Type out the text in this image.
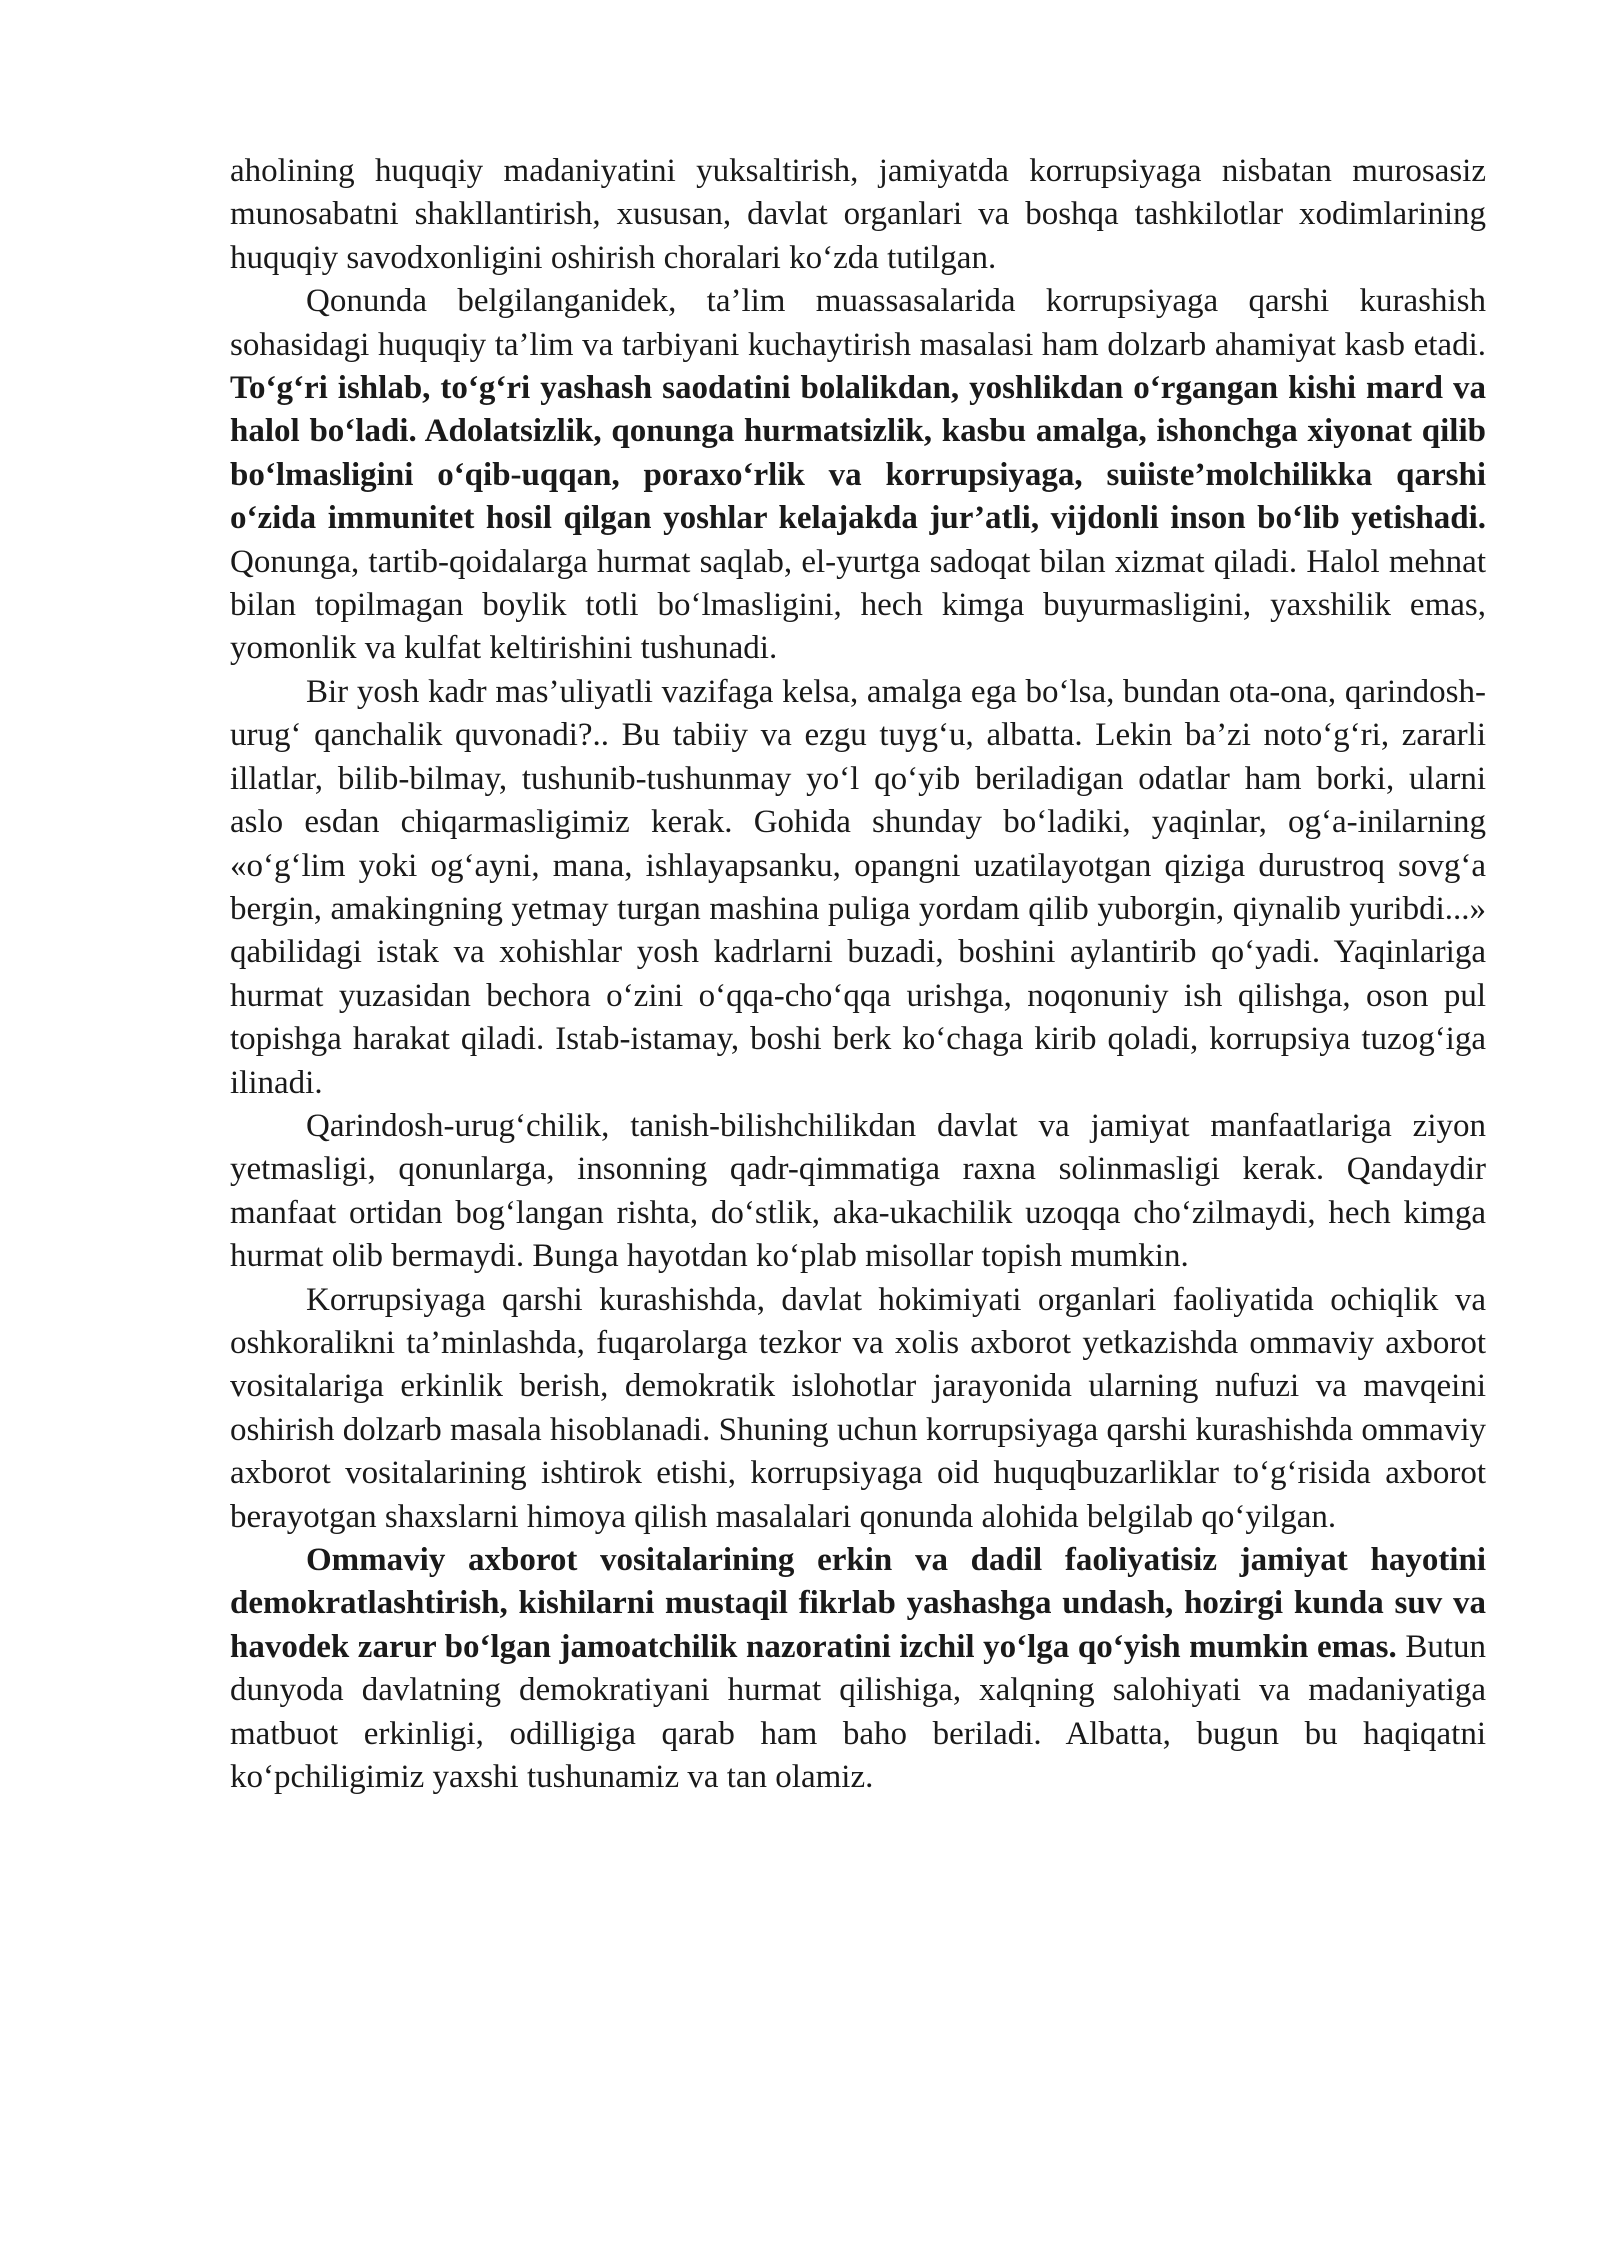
aholining huquqiy madaniyatini yuksaltirish, jamiyatda korrupsiyaga nisbatan murosasiz munosabatni shakllantirish, xususan, davlat organlari va boshqa tashkilotlar xodimlarining huquqiy savodxonligini oshirish choralari ko‘zda tutilgan.

Qonunda belgilanganidek, ta’lim muassasalarida korrupsiyaga qarshi kurashish sohasidagi huquqiy ta’lim va tarbiyani kuchaytirish masalasi ham dolzarb ahamiyat kasb etadi. To‘g‘ri ishlab, to‘g‘ri yashash saodatini bolalikdan, yoshlikdan o‘rgangan kishi mard va halol bo‘ladi. Adolatsizlik, qonunga hurmatsizlik, kasbu amalga, ishonchga xiyonat qilib bo‘lmasligini o‘qib-uqqan, poraxo‘rlik va korrupsiyaga, suiiste’molchilikka qarshi o‘zida immunitet hosil qilgan yoshlar kelajakda jur’atli, vijdonli inson bo‘lib yetishadi. Qonunga, tartib-qoidalarga hurmat saqlab, el-yurtga sadoqat bilan xizmat qiladi. Halol mehnat bilan topilmagan boylik totli bo‘lmasligini, hech kimga buyurmasligini, yaxshilik emas, yomonlik va kulfat keltirishini tushunadi.

Bir yosh kadr mas’uliyatli vazifaga kelsa, amalga ega bo‘lsa, bundan ota-ona, qarindosh-urug‘ qanchalik quvonadi?.. Bu tabiiy va ezgu tuyg‘u, albatta. Lekin ba’zi noto‘g‘ri, zararli illatlar, bilib-bilmay, tushunib-tushunmay yo‘l qo‘yib beriladigan odatlar ham borki, ularni aslo esdan chiqarmasligimiz kerak. Gohida shunday bo‘ladiki, yaqinlar, og‘a-inilarning «o‘g‘lim yoki og‘ayni, mana, ishlayapsanku, opangni uzatilayotgan qiziga durustroq sovg‘a bergin, amakingning yetmay turgan mashina puliga yordam qilib yuborgin, qiynalib yuribdi...» qabilidagi istak va xohishlar yosh kadrlarni buzadi, boshini aylantirib qo‘yadi. Yaqinlariga hurmat yuzasidan bechora o‘zini o‘qqa-cho‘qqa urishga, noqonuniy ish qilishga, oson pul topishga harakat qiladi. Istab-istamay, boshi berk ko‘chaga kirib qoladi, korrupsiya tuzog‘iga ilinadi.

Qarindosh-urug‘chilik, tanish-bilishchilikdan davlat va jamiyat manfaatlariga ziyon yetmasligi, qonunlarga, insonning qadr-qimmatiga raxna solinmasligi kerak. Qandaydir manfaat ortidan bog‘langan rishta, do‘stlik, aka-ukachilik uzoqqa cho‘zilmaydi, hech kimga hurmat olib bermaydi. Bunga hayotdan ko‘plab misollar topish mumkin.

Korrupsiyaga qarshi kurashishda, davlat hokimiyati organlari faoliyatida ochiqlik va oshkoralikni ta’minlashda, fuqarolarga tezkor va xolis axborot yetkazishda ommaviy axborot vositalariga erkinlik berish, demokratik islohotlar jarayonida ularning nufuzi va mavqeini oshirish dolzarb masala hisoblanadi. Shuning uchun korrupsiyaga qarshi kurashishda ommaviy axborot vositalarining ishtirok etishi, korrupsiyaga oid huquqbuzarliklar to‘g‘risida axborot berayotgan shaxslarni himoya qilish masalalari qonunda alohida belgilab qo‘yilgan.

Ommaviy axborot vositalarining erkin va dadil faoliyatisiz jamiyat hayotini demokratlashtirish, kishilarni mustaqil fikrlab yashashga undash, hozirgi kunda suv va havodek zarur bo‘lgan jamoatchilik nazoratini izchil yo‘lga qo‘yish mumkin emas. Butun dunyoda davlatning demokratiyani hurmat qilishiga, xalqning salohiyati va madaniyatiga matbuot erkinligi, odilligiga qarab ham baho beriladi. Albatta, bugun bu haqiqatni ko‘pchiligimiz yaxshi tushunamiz va tan olamiz.
